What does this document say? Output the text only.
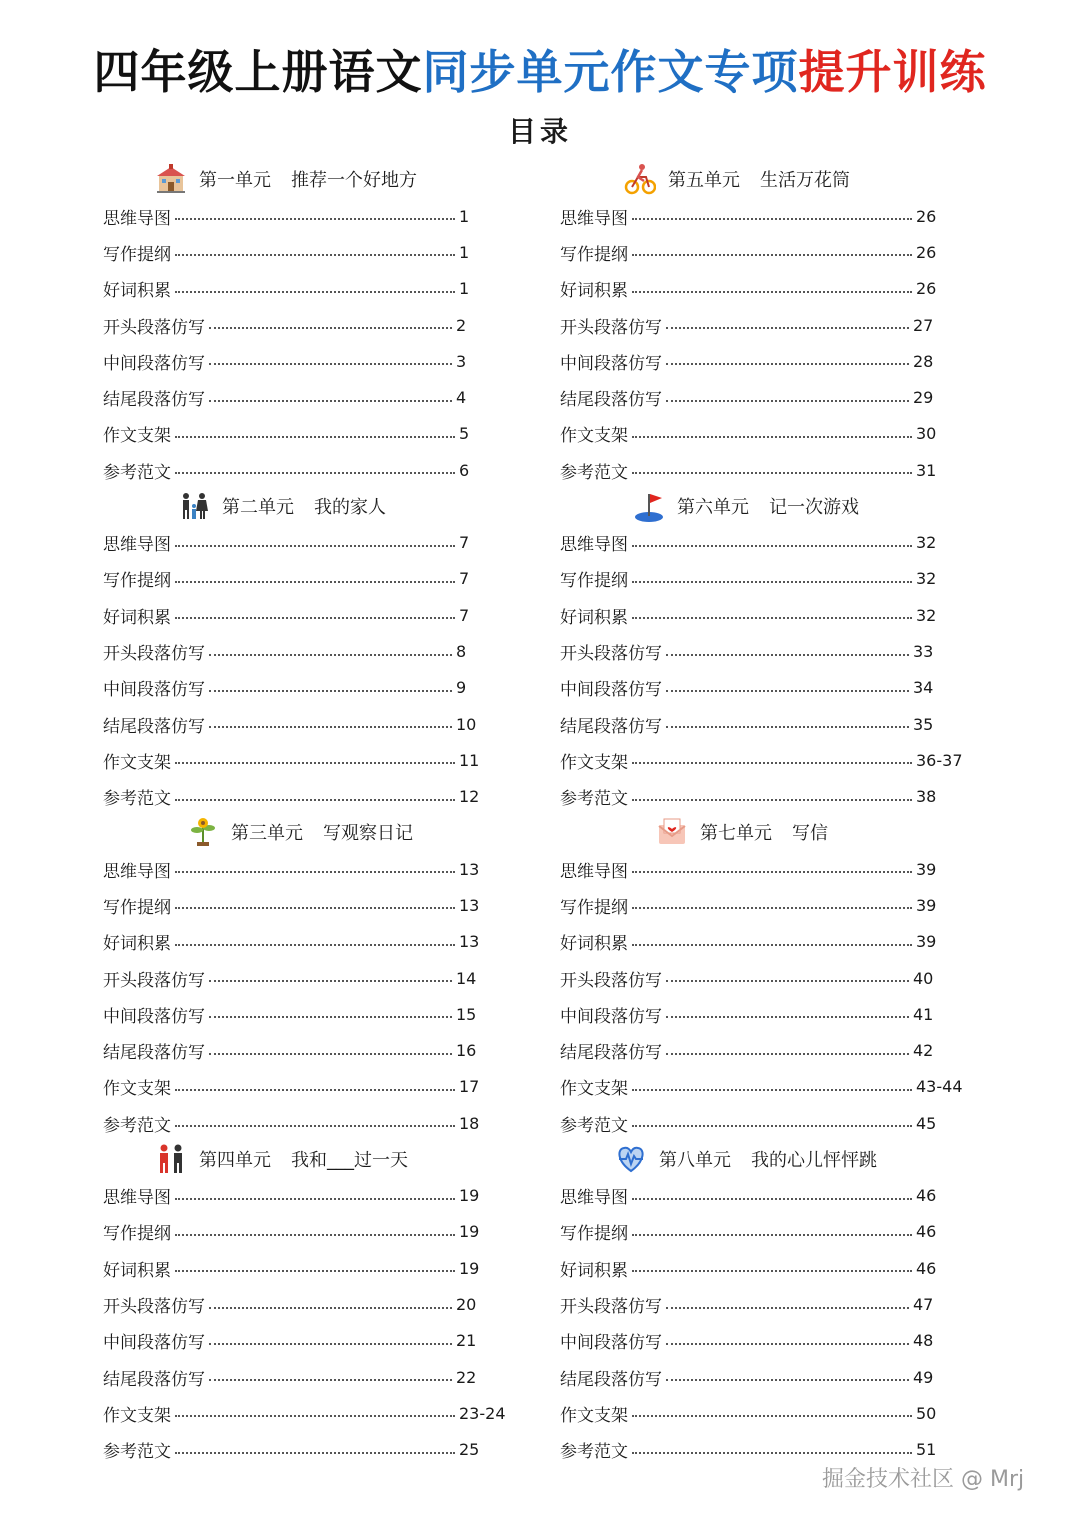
四年级上册语文同步单元作文专项提升训练
目录
第一单元 推荐一个好地方
思维导图	1
写作提纲	1
好词积累	1
开头段落仿写	2
中间段落仿写	3
结尾段落仿写	4
作文支架	5
参考范文	6
第二单元 我的家人
思维导图	7
写作提纲	7
好词积累	7
开头段落仿写	8
中间段落仿写	9
结尾段落仿写	10
作文支架	11
参考范文	12
第三单元 写观察日记
思维导图	13
写作提纲	13
好词积累	13
开头段落仿写	14
中间段落仿写	15
结尾段落仿写	16
作文支架	17
参考范文	18
第四单元 我和___过一天
思维导图	19
写作提纲	19
好词积累	19
开头段落仿写	20
中间段落仿写	21
结尾段落仿写	22
作文支架	23-24
参考范文	25
第五单元 生活万花筒
思维导图	26
写作提纲	26
好词积累	26
开头段落仿写	27
中间段落仿写	28
结尾段落仿写	29
作文支架	30
参考范文	31
第六单元 记一次游戏
思维导图	32
写作提纲	32
好词积累	32
开头段落仿写	33
中间段落仿写	34
结尾段落仿写	35
作文支架	36-37
参考范文	38
第七单元 写信
思维导图	39
写作提纲	39
好词积累	39
开头段落仿写	40
中间段落仿写	41
结尾段落仿写	42
作文支架	43-44
参考范文	45
第八单元 我的心儿怦怦跳
思维导图	46
写作提纲	46
好词积累	46
开头段落仿写	47
中间段落仿写	48
结尾段落仿写	49
作文支架	50
参考范文	51
掘金技术社区 @ Mrj
